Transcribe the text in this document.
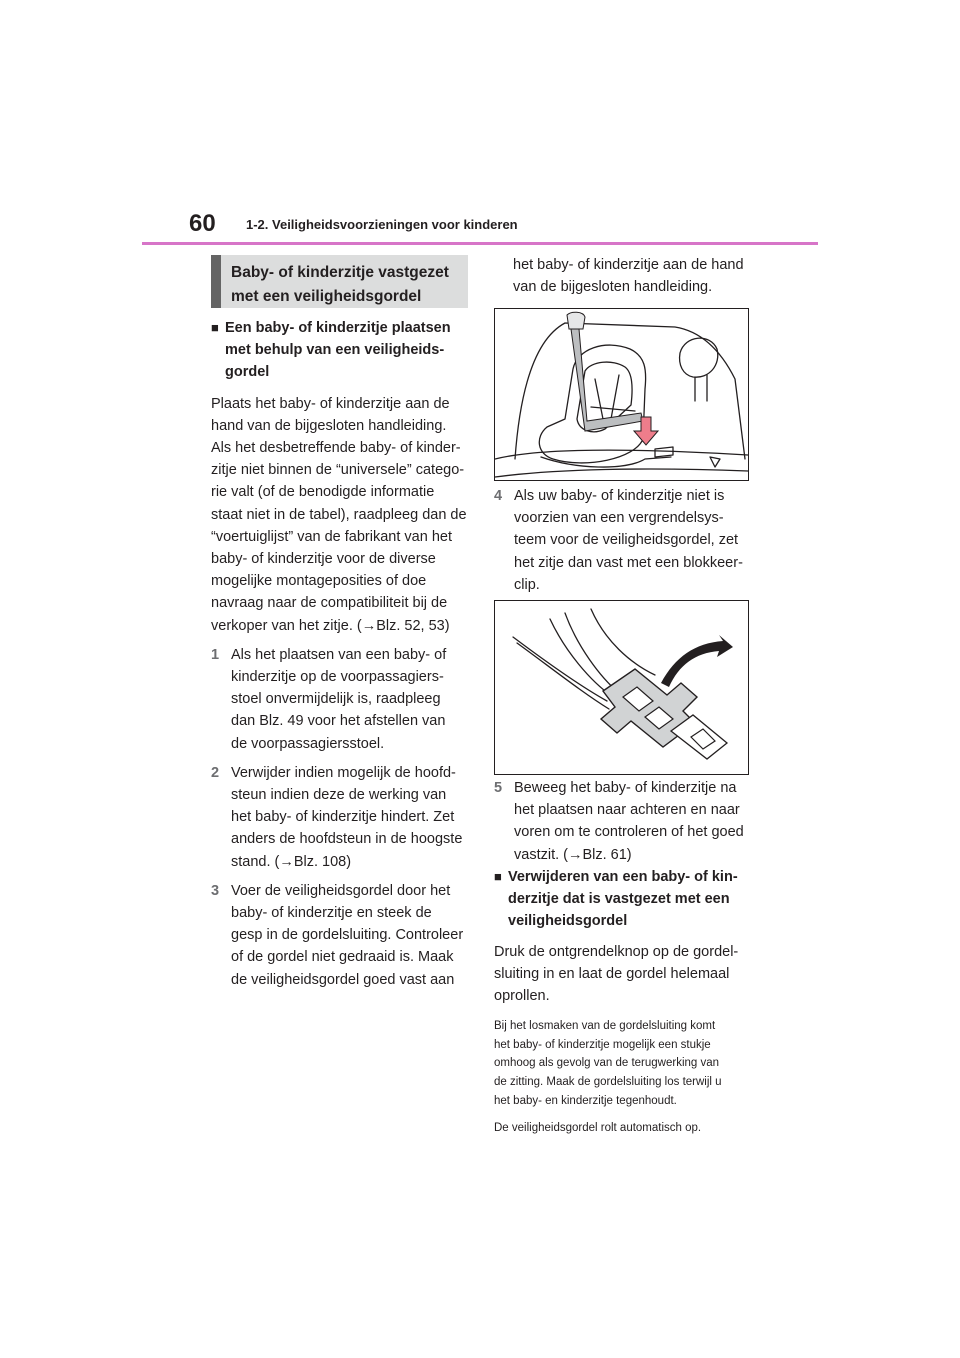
60 1-2. Veiligheidsvoorzieningen voor kinderen
Baby- of kinderzitje vastgezet
met een veiligheidsgordel
■ Een baby- of kinderzitje plaatsen
met behulp van een veiligheids-
gordel
Plaats het baby- of kinderzitje aan de
hand van de bijgesloten handleiding.
Als het desbetreffende baby- of kinder-
zitje niet binnen de “universele” catego-
rie valt (of de benodigde informatie
staat niet in de tabel), raadpleeg dan de
“voertuiglijst” van de fabrikant van het
baby- of kinderzitje voor de diverse
mogelijke montageposities of doe
navraag naar de compatibiliteit bij de
verkoper van het zitje. (→Blz. 52, 53)
1 Als het plaatsen van een baby- of
kinderzitje op de voorpassagiers-
stoel onvermijdelijk is, raadpleeg
dan Blz. 49 voor het afstellen van
de voorpassagiersstoel.
2 Verwijder indien mogelijk de hoofd-
steun indien deze de werking van
het baby- of kinderzitje hindert. Zet
anders de hoofdsteun in de hoogste
stand. (→Blz. 108)
3 Voer de veiligheidsgordel door het
baby- of kinderzitje en steek de
gesp in de gordelsluiting. Controleer
of de gordel niet gedraaid is. Maak
de veiligheidsgordel goed vast aan
het baby- of kinderzitje aan de hand
van de bijgesloten handleiding.
4 Als uw baby- of kinderzitje niet is
voorzien van een vergrendelsys-
teem voor de veiligheidsgordel, zet
het zitje dan vast met een blokkeer-
clip.
5 Beweeg het baby- of kinderzitje na
het plaatsen naar achteren en naar
voren om te controleren of het goed
vastzit. (→Blz. 61)
■ Verwijderen van een baby- of kin-
derzitje dat is vastgezet met een
veiligheidsgordel
Druk de ontgrendelknop op de gordel-
sluiting in en laat de gordel helemaal
oprollen.
Bij het losmaken van de gordelsluiting komt
het baby- of kinderzitje mogelijk een stukje
omhoog als gevolg van de terugwerking van
de zitting. Maak de gordelsluiting los terwijl u
het baby- en kinderzitje tegenhoudt.
De veiligheidsgordel rolt automatisch op.
